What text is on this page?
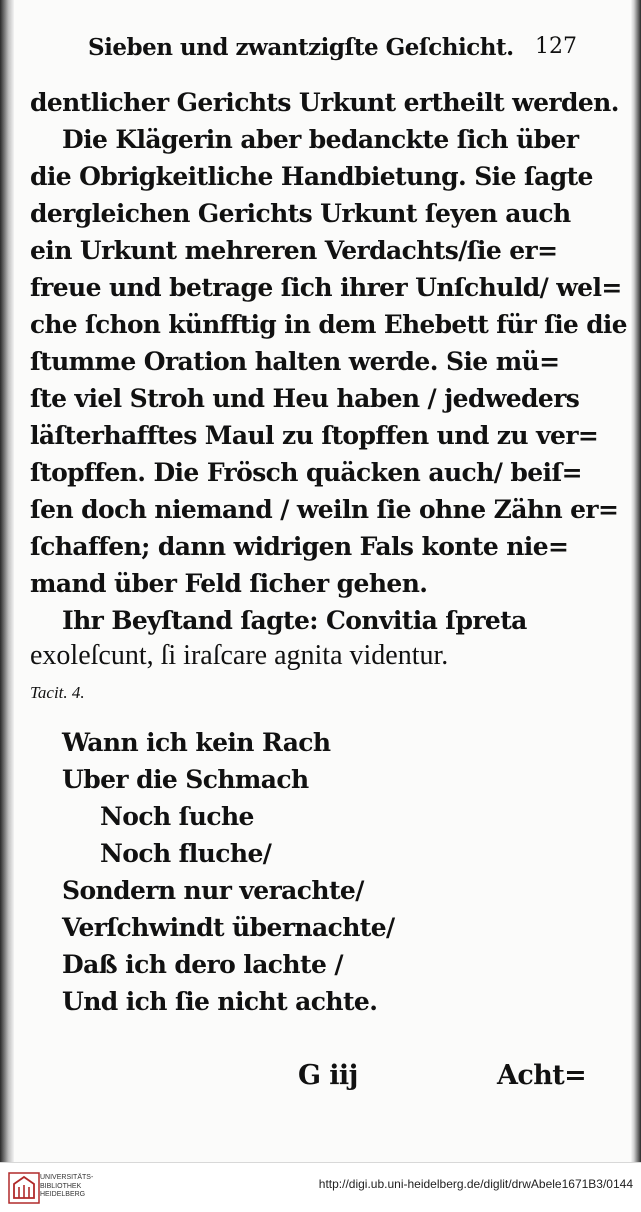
Sieben und zwantzigſte Geſchicht. 127
dentlicher Gerichts Urkunt ertheilt werden.
Die Klägerin aber bedanckte ſich über
die Obrigkeitliche Handbietung. Sie ſagte
dergleichen Gerichts Urkunt ſeyen auch
ein Urkunt mehreren Verdachts/ſie er=
freue und betrage ſich ihrer Unſchuld/ wel=
che ſchon künfftig in dem Ehebett für ſie die
ſtumme Oration halten werde. Sie mü=
ſte viel Stroh und Heu haben / jedweders
läſterhafftes Maul zu ſtopffen und zu ver=
ſtopffen. Die Frösch quäcken auch/ beiſ=
ſen doch niemand / weiln ſie ohne Zähn er=
ſchaffen; dann widrigen Fals konte nie=
mand über Feld ſicher gehen.
Ihr Beyſtand ſagte: Convitia ſpreta
exoleſcunt, ſi iraſcare agnita videntur.
Tacit. 4.
Wann ich kein Rach
Uber die Schmach
Noch ſuche
Noch fluche/
Sondern nur verachte/
Verſchwindt übernachte/
Daß ich dero lachte /
Und ich ſie nicht achte.
G iij	Acht=
UNIVERSITÄTS-
BIBLIOTHEK
HEIDELBERG
http://digi.ub.uni-heidelberg.de/diglit/drwAbele1671B3/0144
